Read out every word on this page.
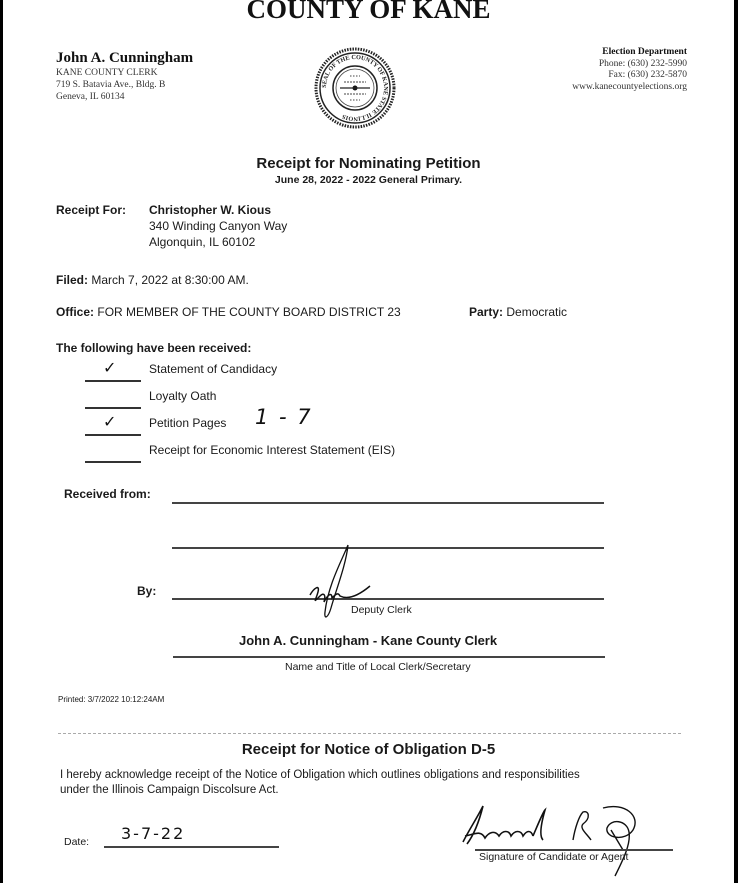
COUNTY OF KANE
John A. Cunningham
KANE COUNTY CLERK
719 S. Batavia Ave., Bldg. B
Geneva, IL 60134
SEAL OF THE COUNTY OF KANE STATE ILLINOIS
Election Department
Phone: (630) 232-5990
Fax: (630) 232-5870
www.kanecountyelections.org
Receipt for Nominating Petition
June 28, 2022 - 2022 General Primary.
Receipt For: Christopher W. Kious
340 Winding Canyon Way
Algonquin, IL 60102
Filed: March 7, 2022 at 8:30:00 AM.
Office: FOR MEMBER OF THE COUNTY BOARD DISTRICT 23	Party: Democratic
The following have been received:
✓	Statement of Candidacy
Loyalty Oath
✓	Petition Pages 1 - 7
Receipt for Economic Interest Statement (EIS)
Received from:
By:
Deputy Clerk
John A. Cunningham - Kane County Clerk
Name and Title of Local Clerk/Secretary
Printed: 3/7/2022 10:12:24AM
Receipt for Notice of Obligation D-5
I hereby acknowledge receipt of the Notice of Obligation which outlines obligations and responsibilities
under the Illinois Campaign Discolsure Act.
Date: 3-7-22
Signature of Candidate or Agent
